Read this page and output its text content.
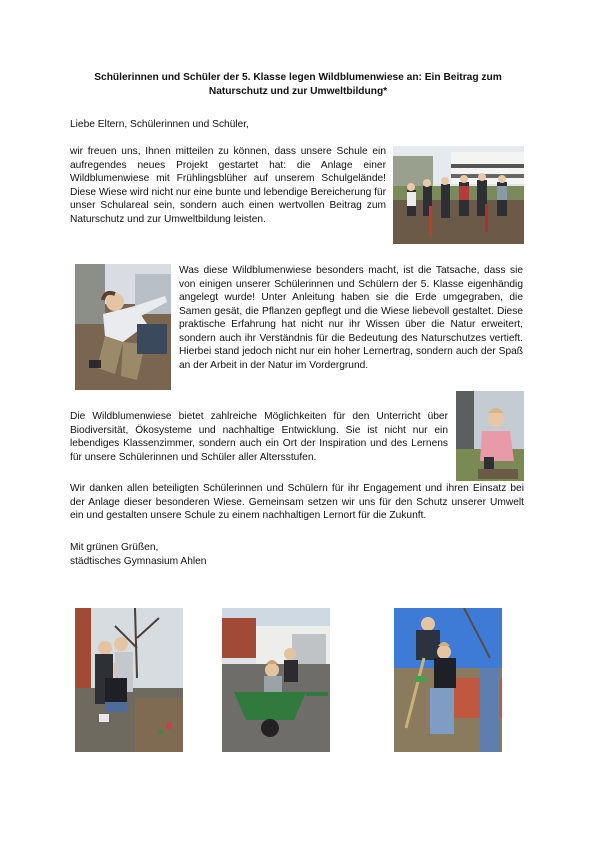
Schülerinnen und Schüler der 5. Klasse legen Wildblumenwiese an: Ein Beitrag zum Naturschutz und zur Umweltbildung*

Liebe Eltern, Schülerinnen und Schüler,

wir freuen uns, Ihnen mitteilen zu können, dass unsere Schule ein aufregendes neues Projekt gestartet hat: die Anlage einer Wildblumenwiese mit Frühlingsblüher auf unserem Schulgelände! Diese Wiese wird nicht nur eine bunte und lebendige Bereicherung für unser Schulareal sein, sondern auch einen wertvollen Beitrag zum Naturschutz und zur Umweltbildung leisten.

Was diese Wildblumenwiese besonders macht, ist die Tatsache, dass sie von einigen unserer Schülerinnen und Schülern der 5. Klasse eigenhändig angelegt wurde! Unter Anleitung haben sie die Erde umgegraben, die Samen gesät, die Pflanzen gepflegt und die Wiese liebevoll gestaltet. Diese praktische Erfahrung hat nicht nur ihr Wissen über die Natur erweitert, sondern auch ihr Verständnis für die Bedeutung des Naturschutzes vertieft. Hierbei stand jedoch nicht nur ein hoher Lernertrag, sondern auch der Spaß an der Arbeit in der Natur im Vordergrund.

Die Wildblumenwiese bietet zahlreiche Möglichkeiten für den Unterricht über Biodiversität, Ökosysteme und nachhaltige Entwicklung. Sie ist nicht nur ein lebendiges Klassenzimmer, sondern auch ein Ort der Inspiration und des Lernens für unsere Schülerinnen und Schüler aller Altersstufen.

Wir danken allen beteiligten Schülerinnen und Schülern für ihr Engagement und ihren Einsatz bei der Anlage dieser besonderen Wiese. Gemeinsam setzen wir uns für den Schutz unserer Umwelt ein und gestalten unsere Schule zu einem nachhaltigen Lernort für die Zukunft.

Mit grünen Grüßen,

städtisches Gymnasium Ahlen
